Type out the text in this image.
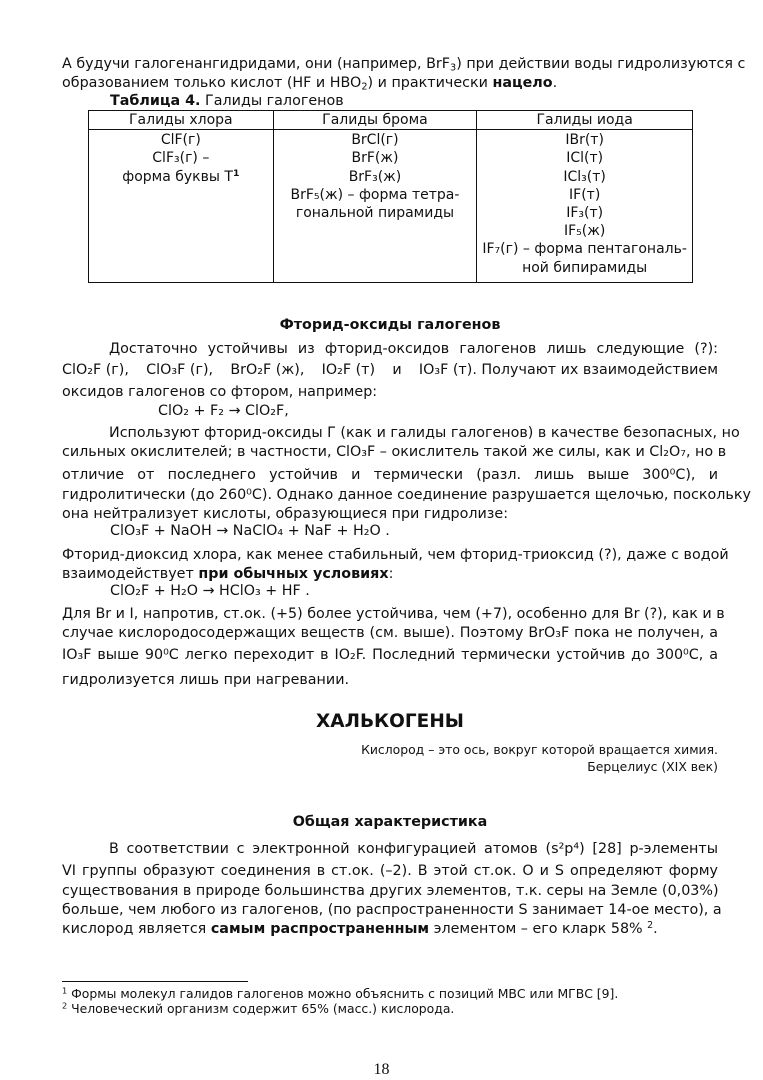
А будучи галогенангидридами, они (например, BrF$_3$) при действии воды гидролизуются с
образованием только кислот (HF и $HBO_2$) и практически нацело.
Таблица 4. Галиды галогенов
Галиды хлора	Галиды брома	Галиды иода

ClF(г)
ClF₃(г) –
форма буквы $Т^1$

BrCl(г)
BrF(ж)
BrF₃(ж)
BrF₅(ж) – форма тетра-
гональной пирамиды

IBr(т)
ICl(т)
ICl₃(т)
IF(т)
IF₃(т)
IF₅(ж)
IF₇(г) – форма пентагональ-
ной бипирамиды
Фторид-оксиды галогенов
Достаточно устойчивы из фторид-оксидов галогенов лишь следующие (?):
ClO₂F (г), ClO₃F (г), BrO₂F (ж), IO₂F (т) и IO₃F (т). Получают их взаимодействием
оксидов галогенов со фтором, например:
ClO₂ + F₂ → ClO₂F,
Используют фторид-оксиды Г (как и галиды галогенов) в качестве безопасных, но
сильных окислителей; в частности, ClO₃F – окислитель такой же силы, как и Cl₂O₇, но в
отличие от последнего устойчив и термически (разл. лишь выше 300⁰C), и
гидролитически (до 260⁰С). Однако данное соединение разрушается щелочью, поскольку
она нейтрализует кислоты, образующиеся при гидролизе:
ClO₃F + NaOH → NaClO₄ + NaF + H₂O .
Фторид-диоксид хлора, как менее стабильный, чем фторид-триоксид (?), даже с водой
взаимодействует при обычных условиях:
ClO₂F + H₂O → HClO₃ + HF .
Для Br и I, напротив, ст.ок. (+5) более устойчива, чем (+7), особенно для Br (?), как и в
случае кислородосодержащих веществ (см. выше). Поэтому BrO₃F пока не получен, а
IO₃F выше 90⁰С легко переходит в IO₂F. Последний термически устойчив до 300⁰С, а
гидролизуется лишь при нагревании.
ХАЛЬКОГЕНЫ
Кислород – это ось, вокруг которой вращается химия.
Берцелиус (XIX век)
Общая характеристика
В соответствии с электронной конфигурацией атомов (s²p⁴) [28] p-элементы
VI группы образуют соединения в ст.ок. (–2). В этой ст.ок. О и S определяют форму
существования в природе большинства других элементов, т.к. серы на Земле (0,03%)
больше, чем любого из галогенов, (по распространенности S занимает 14-ое место), а
кислород является самым распространенным элементом – его кларк 58% $^2$.
$^1$ Формы молекул галидов галогенов можно объяснить с позиций МВС или МГВС [9].
$^2$ Человеческий организм содержит 65% (масс.) кислорода.
18
